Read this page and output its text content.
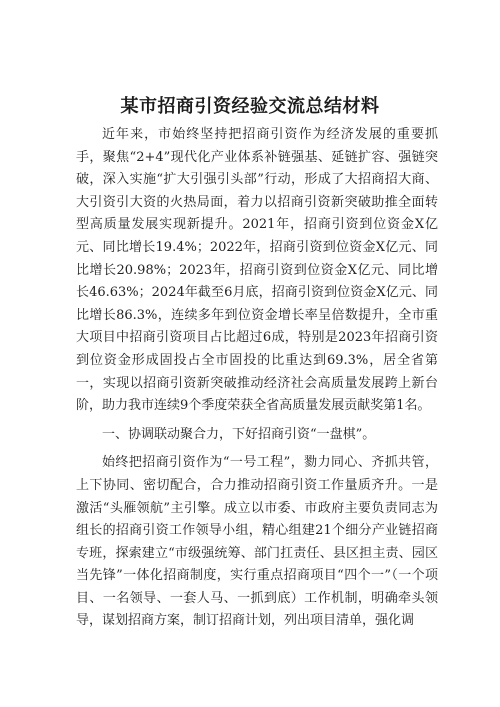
某市招商引资经验交流总结材料

近年来，市始终坚持把招商引资作为经济发展的重要抓手，聚焦“2+4”现代化产业体系补链强基、延链扩容、强链突破，深入实施“扩大引强引头部”行动，形成了大招商招大商、大引资引大资的火热局面，着力以招商引资新突破助推全面转型高质量发展实现新提升。2021年，招商引资到位资金X亿元、同比增长19.4%；2022年，招商引资到位资金X亿元、同比增长20.98%；2023年，招商引资到位资金X亿元、同比增长46.63%；2024年截至6月底，招商引资到位资金X亿元、同比增长86.3%，连续多年到位资金增长率呈倍数提升，全市重大项目中招商引资项目占比超过6成，特别是2023年招商引资到位资金形成固投占全市固投的比重达到69.3%，居全省第一，实现以招商引资新突破推动经济社会高质量发展跨上新台阶，助力我市连续9个季度荣获全省高质量发展贡献奖第1名。

一、协调联动聚合力，下好招商引资“一盘棋”。

始终把招商引资作为“一号工程”，勠力同心、齐抓共管，上下协同、密切配合，合力推动招商引资工作量质齐升。一是激活“头雁领航”主引擎。成立以市委、市政府主要负责同志为组长的招商引资工作领导小组，精心组建21个细分产业链招商专班，探索建立“市级强统筹、部门扛责任、县区担主责、园区当先锋”一体化招商制度，实行重点招商项目“四个一”（一个项目、一名领导、一套人马、一抓到底）工作机制，明确牵头领导，谋划招商方案，制订招商计划，列出项目清单，强化调
